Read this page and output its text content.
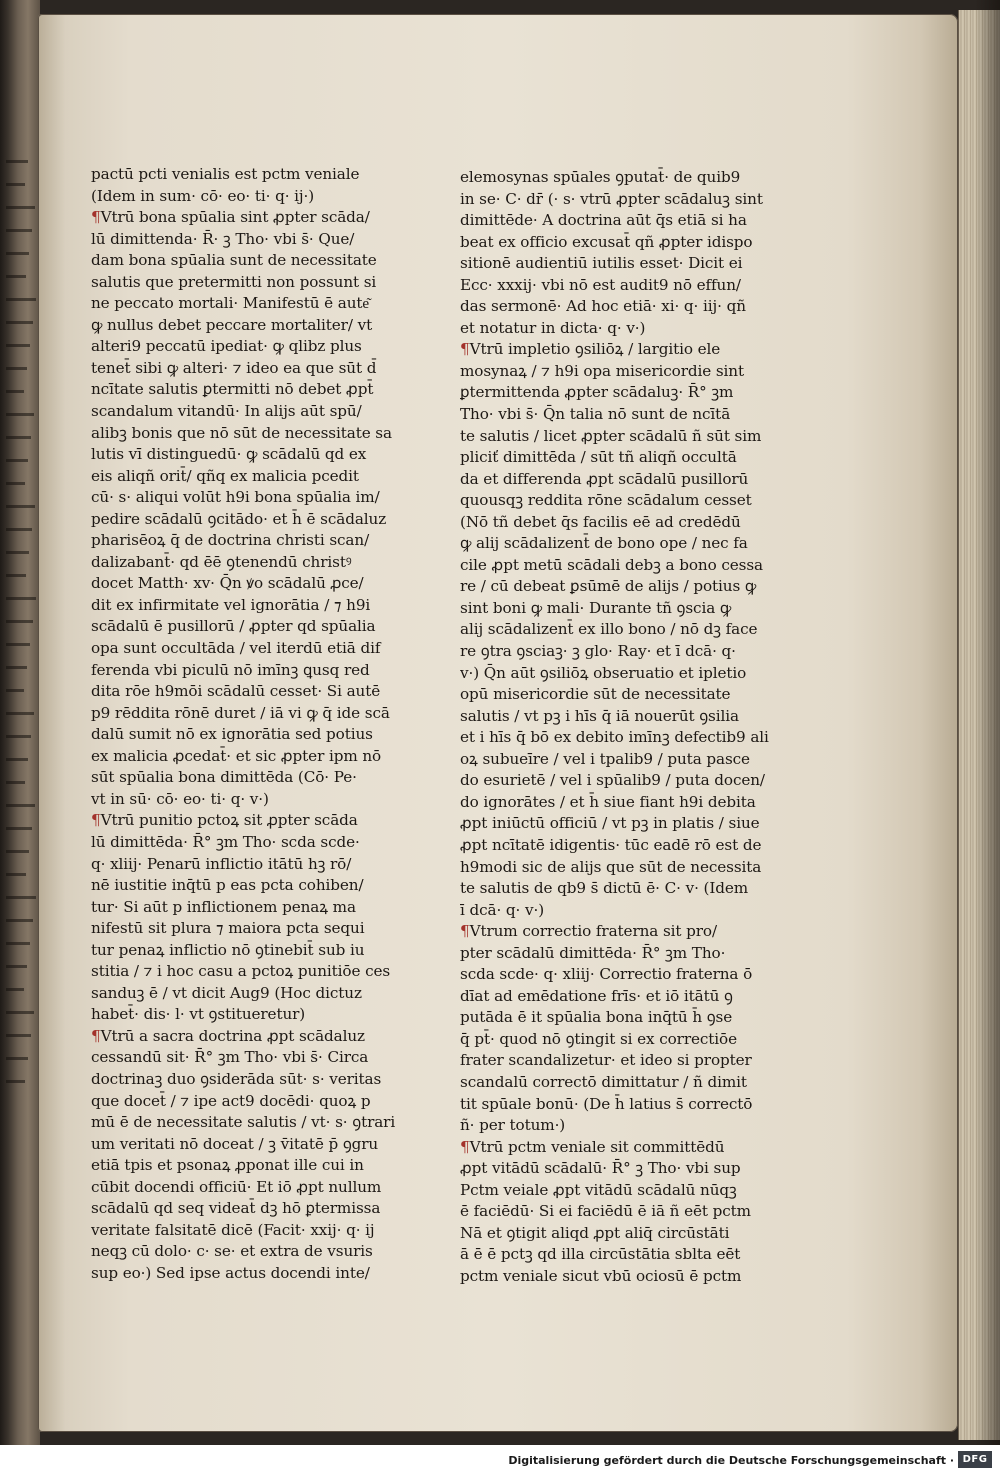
pactū pcti venialis est pctm veniale
(Idem in sum· cō· eo· ti· q· ij·)
¶Vtrū bona spūalia sint ꝓpter scāda/
lū dimittenda· R̄· ꝫ Tho· vbi s̄· Que/
dam bona spūalia sunt de necessitate
salutis que pretermitti non possunt si
ne peccato mortali· Manifestū ē aute͂
ꝙ nullus debet peccare mortaliter/ vt
alteri9 peccatū ipediat· ꝙ qlibz plus
tenet̄ sibi ꝙ alteri· ⁊ ideo ea que sūt d̄
ncītate salutis ꝑtermitti nō debet ꝓpt̄
scandalum vitandū· In alijs aūt spū/
alibꝫ bonis que nō sūt de necessitate sa
lutis vī distinguedū· ꝙ scādalū qd ex
eis aliqñ orit̄/ qñq ex malicia pcedit
cū· s· aliqui volūt h9i bona spūalia im/
pedire scādalū ꝯcitādo· et h̄ ē scādaluz
pharisēoꝝ q̄ de doctrina christi scan/
dalizabant̄· qd ēē ꝯtenendū christꝰ
docet Matth· xv· Q̄n ꝟo scādalū ꝓce/
dit ex infirmitate vel ignorātia / ⁊ h9i
scādalū ē pusillorū / ꝓpter qd spūalia
opa sunt occultāda / vel iterdū etiā dif
ferenda vbi piculū nō imīnꝫ ꝗusq red
dita rōe h9mōi scādalū cesset· Si autē
p9 rēddita rōnē duret / iā vi ꝙ q̄ ide scā
dalū sumit nō ex ignorātia sed potius
ex malicia ꝓcedat̄· et sic ꝓpter ipm nō
sūt spūalia bona dimittēda (Cō· Pe·
vt in sū· cō· eo· ti· q· v·)
¶Vtrū punitio pctoꝝ sit ꝓpter scāda
lū dimittēda· R̄° ꝫm Tho· scda scde·
q· xliij· Penarū inflictio itātū hꝫ rō/
nē iustitie inq̄tū p eas pcta cohiben/
tur· Si aūt p inflictionem penaꝝ ma
nifestū sit plura ⁊ maiora pcta sequi
tur penaꝝ inflictio nō ꝯtinebit̄ sub iu
stitia / ⁊ i hoc casu a pctoꝝ punitiōe ces
sanduꝫ ē / vt dicit Aug9 (Hoc dictuz
habet̄· dis· l· vt ꝯstitueretur)
¶Vtrū a sacra doctrina ꝓpt scādaluz
cessandū sit· R̄° ꝫm Tho· vbi s̄· Circa
doctrinaꝫ duo ꝯsiderāda sūt· s· veritas
que docet̄ / ⁊ ipe act9 docēdi· quoꝝ p
mū ē de necessitate salutis / vt· s· ꝯtrari
um veritati nō doceat / ꝫ v̄itatē p̄ ꝯgru
etiā tpis et psonaꝝ ꝓponat ille cui in
cūbit docendi officiū· Et iō ꝓpt nullum
scādalū qd seq videat̄ dꝫ hō ꝑtermissa
veritate falsitatē dicē (Facit· xxij· q· ij
neqꝫ cū dolo· c· se· et extra de vsuris
sup eo·) Sed ipse actus docendi inte/
elemosynas spūales ꝯputat̄· de quib9
in se· C· dr̄ (· s· vtrū ꝓpter scādaluꝫ sint
dimittēde· A doctrina aūt q̄s etiā si ha
beat ex officio excusat̄ qñ ꝓpter idispo
sitionē audientiū iutilis esset· Dicit ei
Ecc· xxxij· vbi nō est audit9 nō effun/
das sermonē· Ad hoc etiā· xi· q· iij· qñ
et notatur in dicta· q· v·)
¶Vtrū impletio ꝯsiliōꝝ / largitio ele
mosynaꝝ / ⁊ h9i opa misericordie sint
ꝑtermittenda ꝓpter scādaluꝫ· R̄° ꝫm
Tho· vbi s̄· Q̄n talia nō sunt de ncītā
te salutis / licet ꝓpter scādalū ñ sūt sim
pliciť dimittēda / sūt tñ aliqñ occultā
da et differenda ꝓpt scādalū pusillorū
quousqꝫ reddita rōne scādalum cesset
(Nō tñ debet q̄s facilis eē ad credēdū
ꝙ alij scādalizent̄ de bono ope / nec fa
cile ꝓpt metū scādali debꝫ a bono cessa
re / cū debeat ꝑsūmē de alijs / potius ꝙ
sint boni ꝙ mali· Durante tñ ꝯscia ꝙ
alij scādalizent̄ ex illo bono / nō dꝫ face
re ꝯtra ꝯsciaꝫ· ꝫ glo· Ray· et ī dcā· q·
v·) Q̄n aūt ꝯsiliōꝝ obseruatio et ipletio
opū misericordie sūt de necessitate
salutis / vt pꝫ i hīs q̄ iā nouerūt ꝯsilia
et i hīs q̄ bō ex debito imīnꝫ defectib9 ali
oꝝ subueīre / vel i tpalib9 / puta pasce
do esurietē / vel i spūalib9 / puta docen/
do ignorātes / et h̄ siue fiant h9i debita
ꝓpt iniūctū officiū / vt pꝫ in platis / siue
ꝓpt ncītatē idigentis· tūc eadē rō est de
h9modi sic de alijs que sūt de necessita
te salutis de qb9 s̄ dictū ē· C· v· (Idem
ī dcā· q· v·)
¶Vtrum correctio fraterna sit pro/
pter scādalū dimittēda· R̄° ꝫm Tho·
scda scde· q· xliij· Correctio fraterna ō
dīat ad emēdatione frīs· et iō itātū ꝯ
putāda ē it spūalia bona inq̄tū h̄ ꝯse
q̄ pt̄· quod nō ꝯtingit si ex correctiōe
frater scandalizetur· et ideo si propter
scandalū correctō dimittatur / ñ dimit
tit spūale bonū· (De h̄ latius s̄ correctō
ñ· per totum·)
¶Vtrū pctm veniale sit committēdū
ꝓpt vitādū scādalū· R̄° ꝫ Tho· vbi sup
Pctm veiale ꝓpt vitādū scādalū nūqꝫ
ē faciēdū· Si ei faciēdū ē iā ñ eēt pctm
Nā et ꝯtigit aliqd ꝓpt aliq̄ circūstāti
ā ē ē pctꝫ qd illa circūstātia sblta eēt
pctm veniale sicut vbū ociosū ē pctm
Digitalisierung gefördert durch die Deutsche Forschungsgemeinschaft · DFG
